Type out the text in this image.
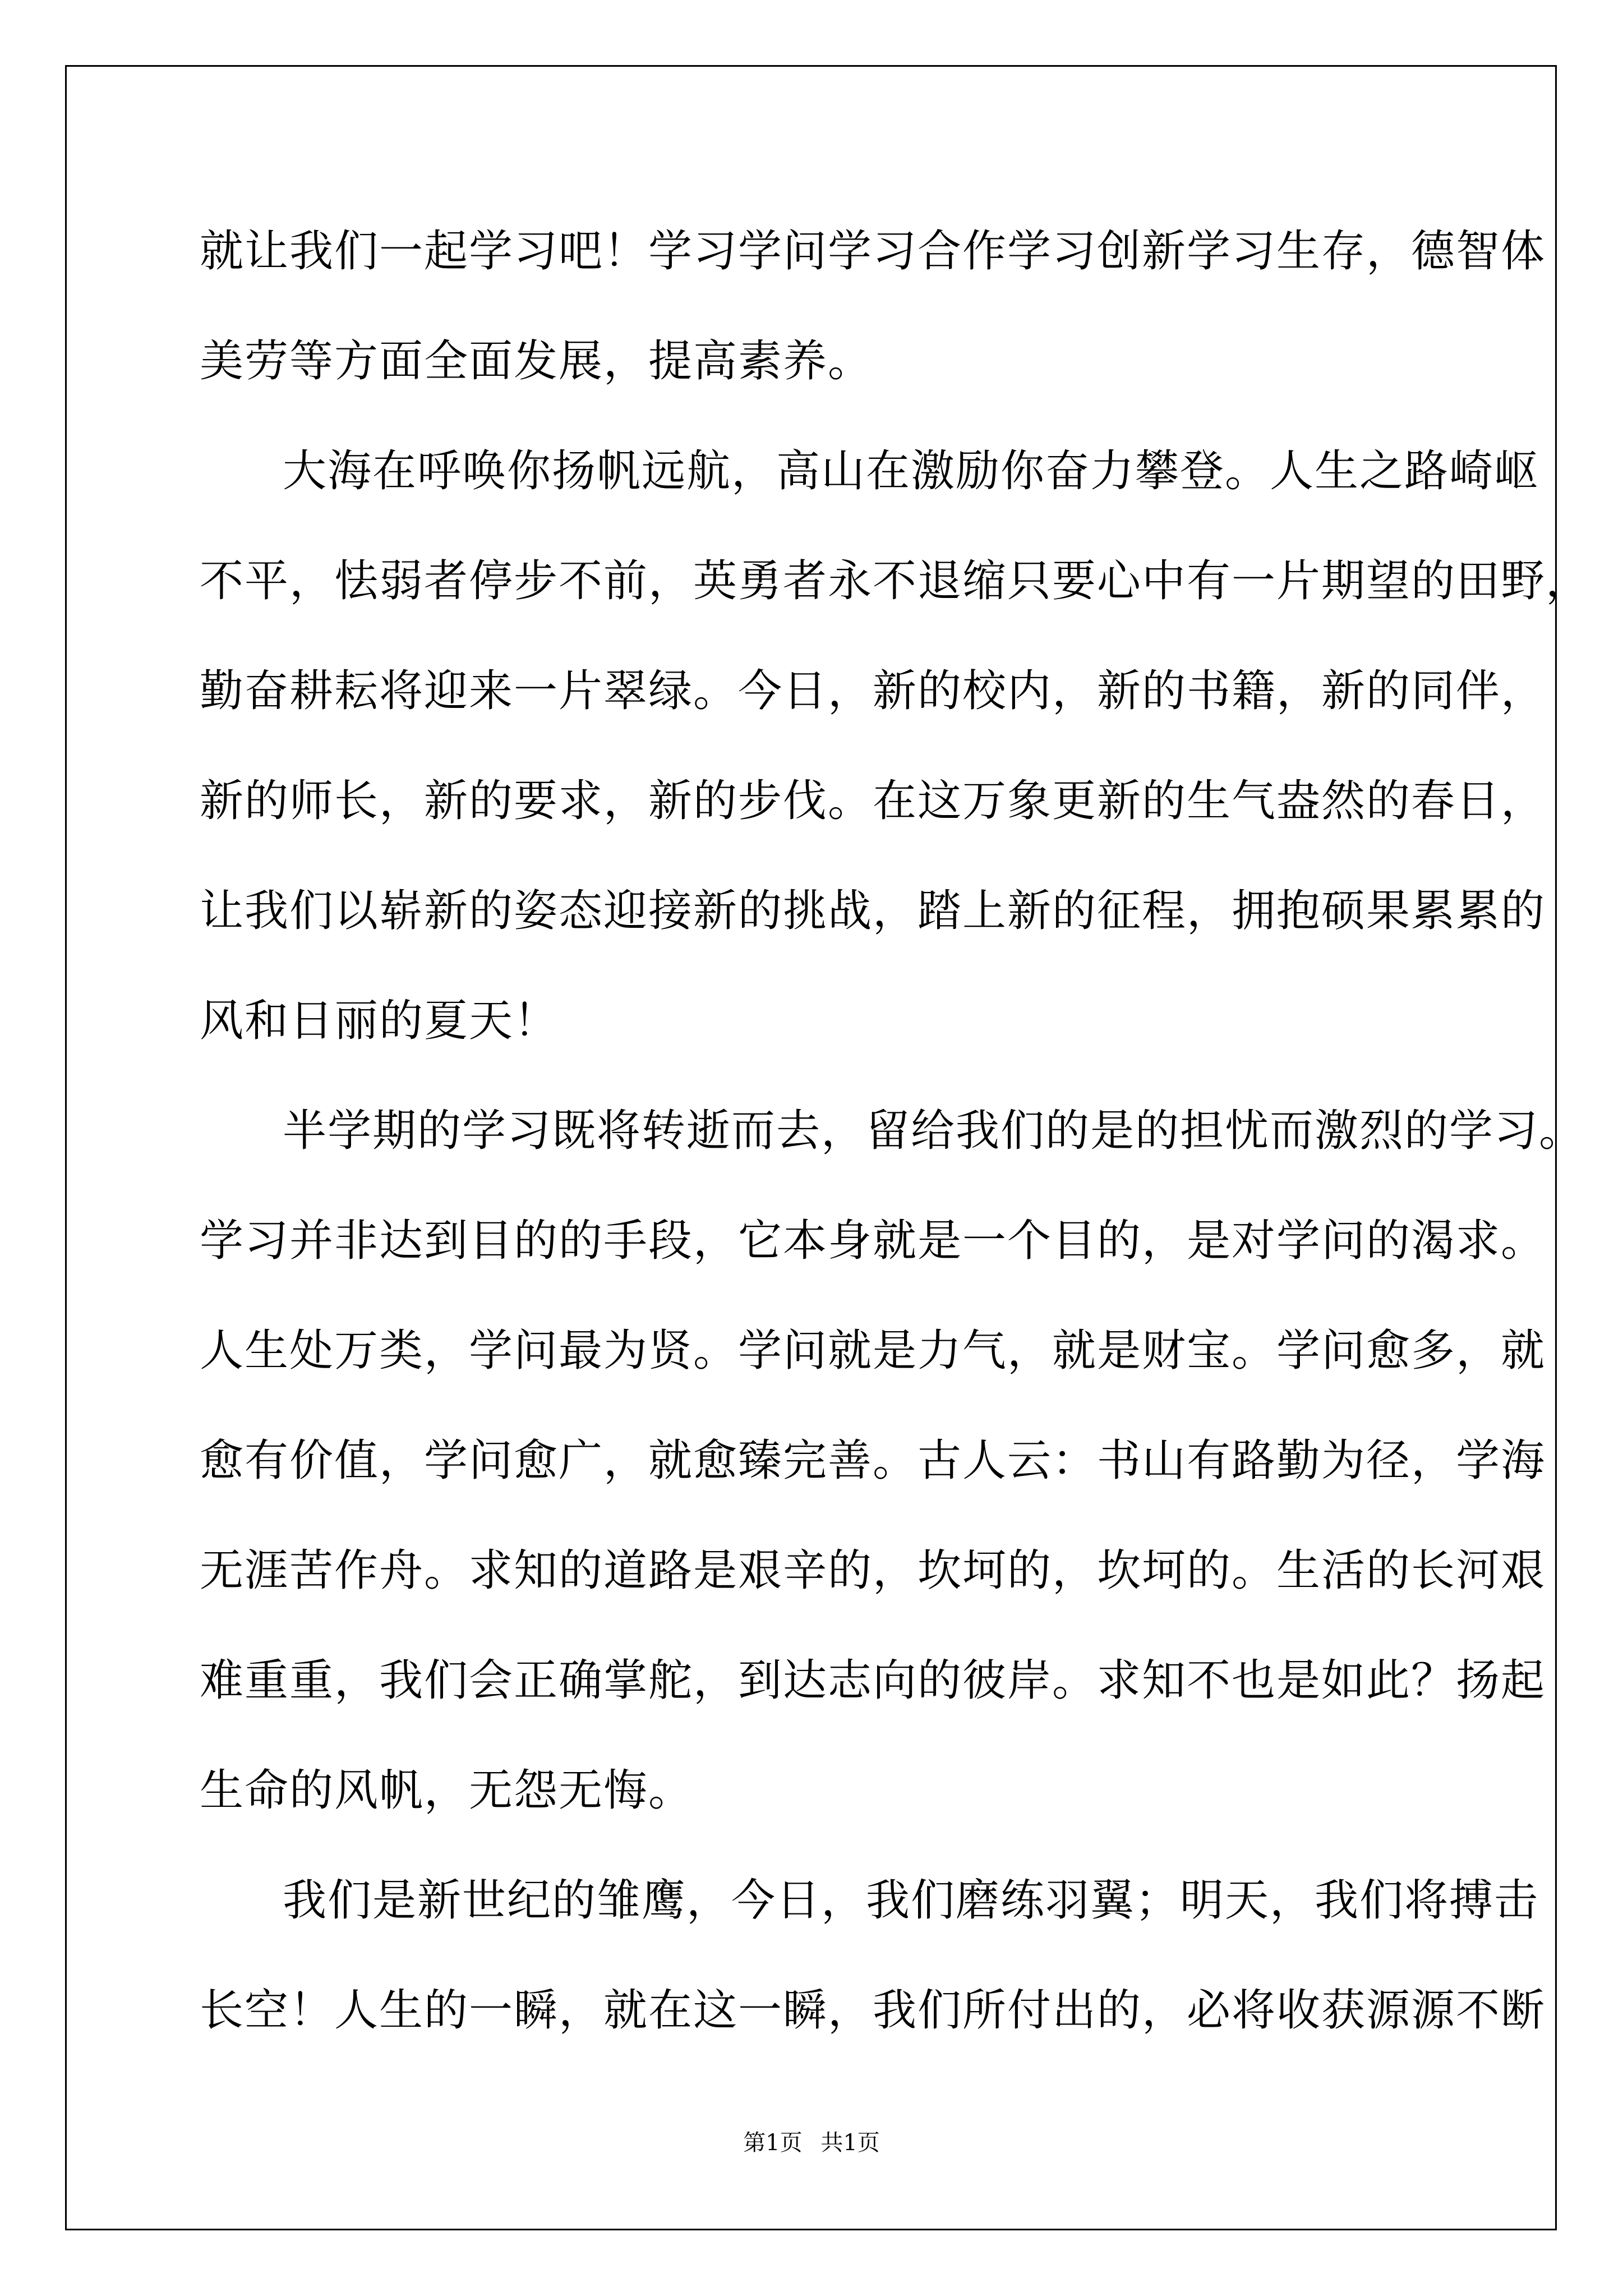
就让我们一起学习吧！学习学问学习合作学习创新学习生存，德智体
美劳等方面全面发展，提高素养。
大海在呼唤你扬帆远航，高山在激励你奋力攀登。人生之路崎岖
不平，怯弱者停步不前，英勇者永不退缩只要心中有一片期望的田野，
勤奋耕耘将迎来一片翠绿。今日，新的校内，新的书籍，新的同伴，
新的师长，新的要求，新的步伐。在这万象更新的生气盎然的春日，
让我们以崭新的姿态迎接新的挑战，踏上新的征程，拥抱硕果累累的
风和日丽的夏天！
半学期的学习既将转逝而去，留给我们的是的担忧而激烈的学习。
学习并非达到目的的手段，它本身就是一个目的，是对学问的渴求。
人生处万类，学问最为贤。学问就是力气，就是财宝。学问愈多，就
愈有价值，学问愈广，就愈臻完善。古人云：书山有路勤为径，学海
无涯苦作舟。求知的道路是艰辛的，坎坷的，坎坷的。生活的长河艰
难重重，我们会正确掌舵，到达志向的彼岸。求知不也是如此？扬起
生命的风帆，无怨无悔。
我们是新世纪的雏鹰，今日，我们磨练羽翼；明天，我们将搏击
长空！人生的一瞬，就在这一瞬，我们所付出的，必将收获源源不断
第1页 共1页
